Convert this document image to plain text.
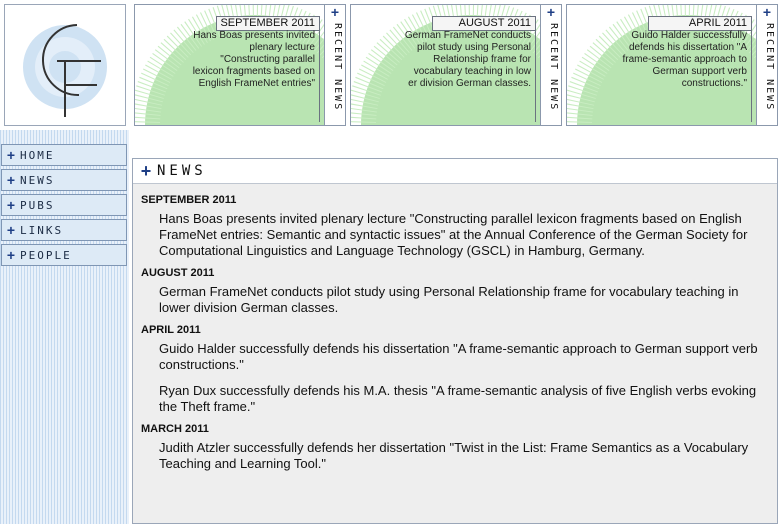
SEPTEMBER 2011
Hans Boas presents invited plenary lecture "Constructing parallel lexicon fragments based on English FrameNet entries"
+
RECENT NEWS	AUGUST 2011
German FrameNet conducts pilot study using Personal Relationship frame for vocabulary teaching in low er division German classes.
+
RECENT NEWS	APRIL 2011
Guido Halder successfully defends his dissertation "A frame-semantic approach to German support verb constructions."
+
RECENT NEWS
+ HOME
+ NEWS
+ PUBS
+ LINKS
+ PEOPLE
+ NEWS
SEPTEMBER 2011
Hans Boas presents invited plenary lecture "Constructing parallel lexicon fragments based on English FrameNet entries: Semantic and syntactic issues" at the Annual Conference of the German Society for Computational Linguistics and Language Technology (GSCL) in Hamburg, Germany.
AUGUST 2011
German FrameNet conducts pilot study using Personal Relationship frame for vocabulary teaching in lower division German classes.
APRIL 2011
Guido Halder successfully defends his dissertation "A frame-semantic approach to German support verb constructions."
Ryan Dux successfully defends his M.A. thesis "A frame-semantic analysis of five English verbs evoking the Theft frame."
MARCH 2011
Judith Atzler successfully defends her dissertation "Twist in the List: Frame Semantics as a Vocabulary Teaching and Learning Tool."
